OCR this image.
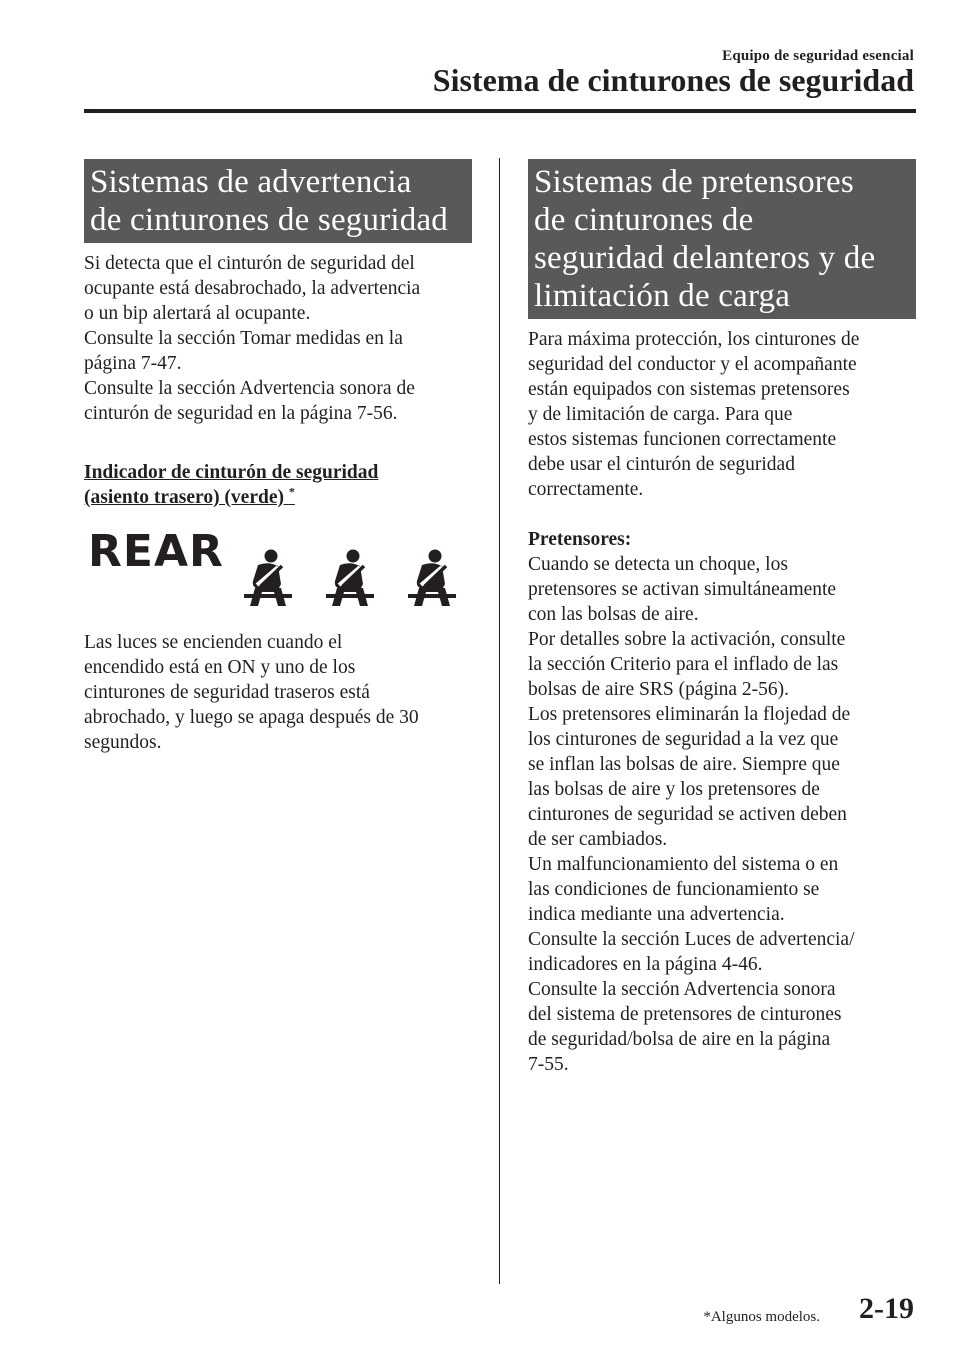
Equipo de seguridad esencial
Sistema de cinturones de seguridad
Sistemas de advertencia
de cinturones de seguridad

Si detecta que el cinturón de seguridad del

ocupante está desabrochado, la advertencia

o un bip alertará al ocupante.

Consulte la sección Tomar medidas en la

página 7-47.

Consulte la sección Advertencia sonora de

cinturón de seguridad en la página 7-56.

Indicador de cinturón de seguridad
(asiento trasero) (verde) *
REAR

Las luces se encienden cuando el

encendido está en ON y uno de los

cinturones de seguridad traseros está

abrochado, y luego se apaga después de 30

segundos.

Sistemas de pretensores
de cinturones de
seguridad delanteros y de
limitación de carga

Para máxima protección, los cinturones de

seguridad del conductor y el acompañante

están equipados con sistemas pretensores

y de limitación de carga. Para que

estos sistemas funcionen correctamente

debe usar el cinturón de seguridad

correctamente.

Pretensores:

Cuando se detecta un choque, los

pretensores se activan simultáneamente

con las bolsas de aire.

Por detalles sobre la activación, consulte

la sección Criterio para el inflado de las

bolsas de aire SRS (página 2-56).

Los pretensores eliminarán la flojedad de

los cinturones de seguridad a la vez que

se inflan las bolsas de aire. Siempre que

las bolsas de aire y los pretensores de

cinturones de seguridad se activen deben

de ser cambiados.

Un malfuncionamiento del sistema o en

las condiciones de funcionamiento se

indica mediante una advertencia.

Consulte la sección Luces de advertencia/

indicadores en la página 4-46.

Consulte la sección Advertencia sonora

del sistema de pretensores de cinturones

de seguridad/bolsa de aire en la página

7-55.

*Algunos modelos. 2-19
